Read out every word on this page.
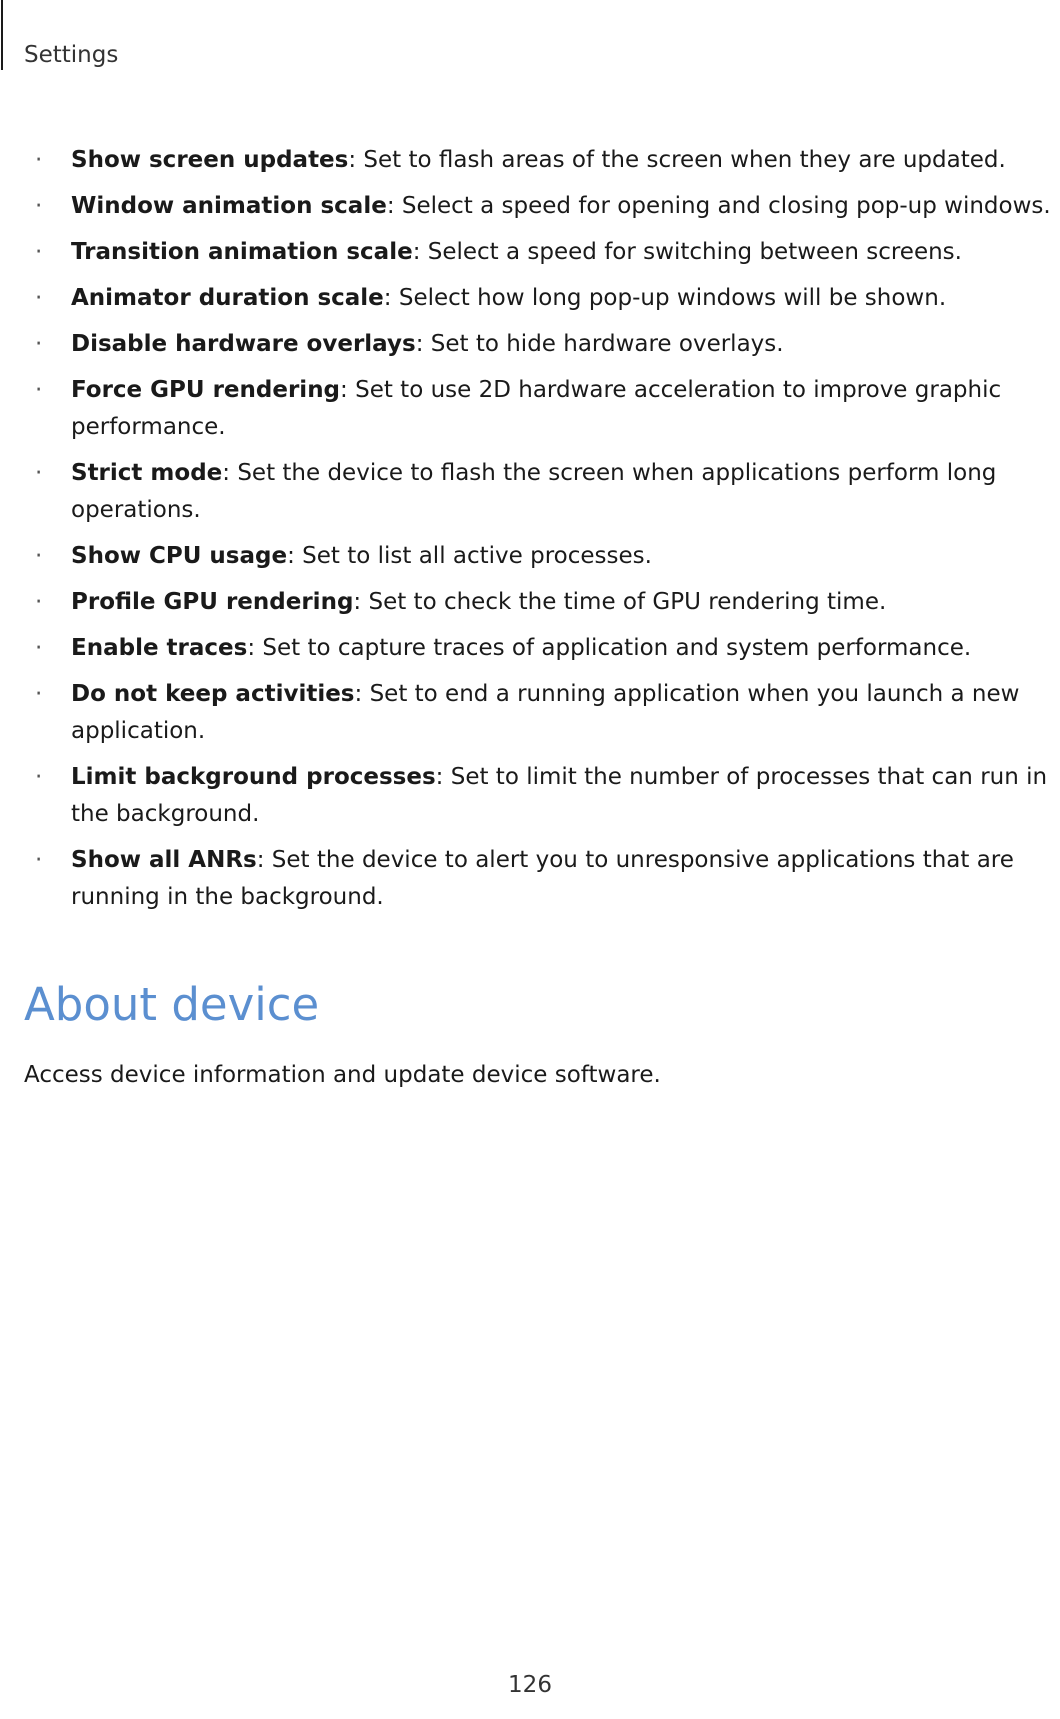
Settings
· Show screen updates: Set to flash areas of the screen when they are updated.
· Window animation scale: Select a speed for opening and closing pop-up windows.
· Transition animation scale: Select a speed for switching between screens.
· Animator duration scale: Select how long pop-up windows will be shown.
· Disable hardware overlays: Set to hide hardware overlays.
· Force GPU rendering: Set to use 2D hardware acceleration to improve graphic performance.
· Strict mode: Set the device to flash the screen when applications perform long operations.
· Show CPU usage: Set to list all active processes.
· Profile GPU rendering: Set to check the time of GPU rendering time.
· Enable traces: Set to capture traces of application and system performance.
· Do not keep activities: Set to end a running application when you launch a new application.
· Limit background processes: Set to limit the number of processes that can run in the background.
· Show all ANRs: Set the device to alert you to unresponsive applications that are running in the background.
About device

Access device information and update device software.

126
